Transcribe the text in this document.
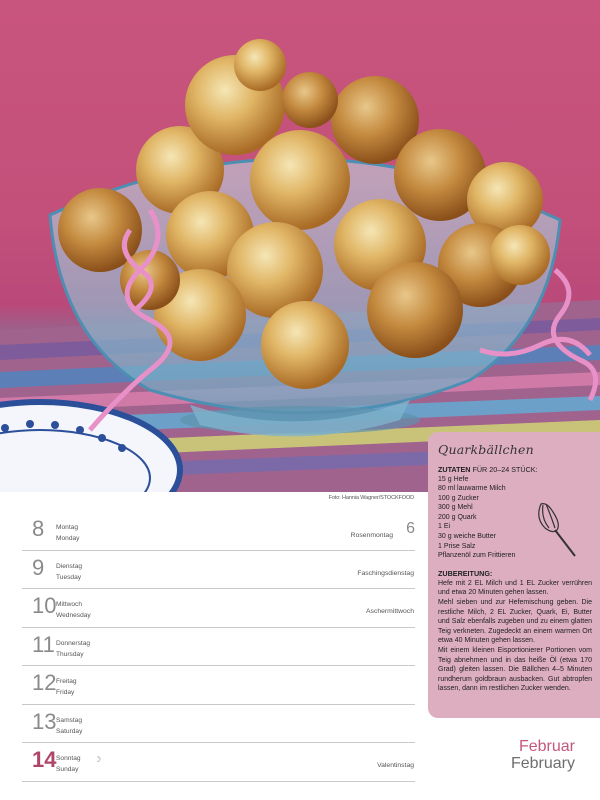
Foto: Hannia Wagner/STOCKFOOD
8 Montag
Monday	Rosenmontag 6
9 Dienstag
Tuesday
Faschingsdienstag
10 Mittwoch
Wednesday
Aschermittwoch
11 Donnerstag
Thursday
12 Freitag
Friday
13 Samstag
Saturday
14 Sonntag
Sunday
☽
Valentinstag
Quarkbällchen
ZUTATEN FÜR 20–24 STÜCK:
15 g Hefe
80 ml lauwarme Milch
100 g Zucker
300 g Mehl
200 g Quark
1 Ei
30 g weiche Butter
1 Prise Salz
Pflanzenöl zum Frittieren
ZUBEREITUNG:

Hefe mit 2 EL Milch und 1 EL Zucker verrühren und etwa 20 Minuten gehen lassen.

Mehl sieben und zur Hefemischung geben. Die restliche Milch, 2 EL Zucker, Quark, Ei, Butter und Salz ebenfalls zugeben und zu einem glatten Teig verkneten. Zugedeckt an einem warmen Ort etwa 40 Minuten gehen lassen.

Mit einem kleinen Eisportionierer Portionen vom Teig abnehmen und in das heiße Öl (etwa 170 Grad) gleiten lassen. Die Bällchen 4–5 Minuten rundherum goldbraun ausbacken. Gut abtropfen lassen, dann im restlichen Zucker wenden.

Februar
February
